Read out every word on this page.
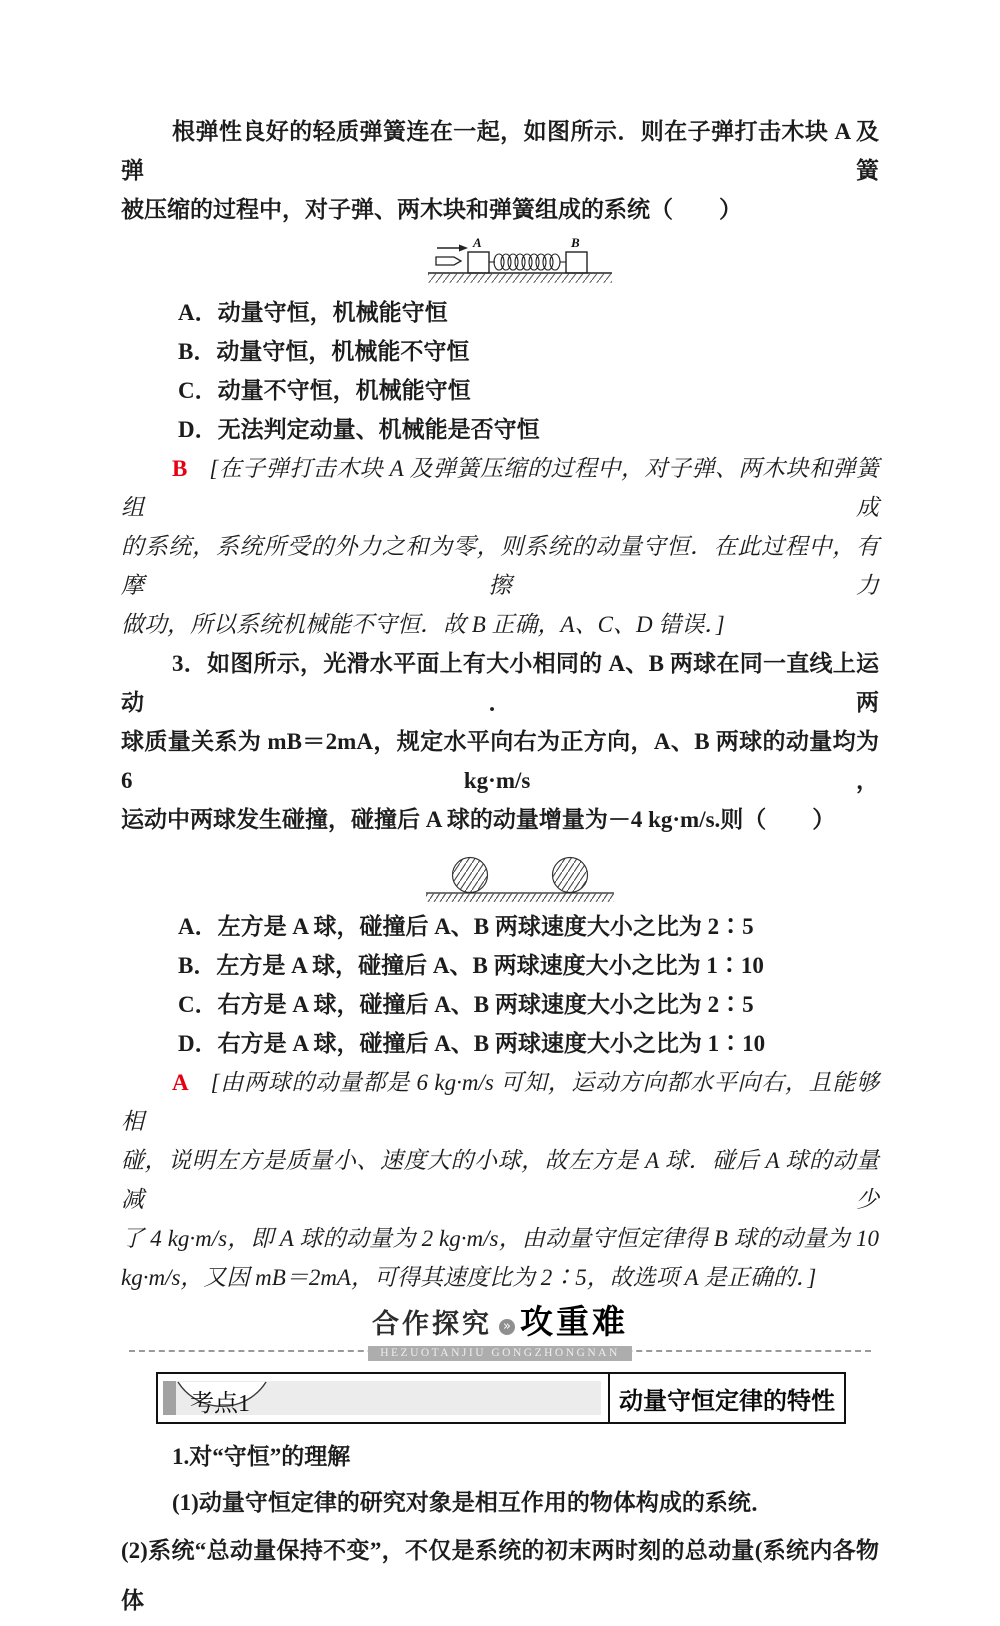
根弹性良好的轻质弹簧连在一起，如图所示．则在子弹打击木块 A 及弹簧
被压缩的过程中，对子弹、两木块和弹簧组成的系统（　　）
A	B
A．动量守恒，机械能守恒
B．动量守恒，机械能不守恒
C．动量不守恒，机械能守恒
D．无法判定动量、机械能是否守恒
B [在子弹打击木块 A 及弹簧压缩的过程中，对子弹、两木块和弹簧组成
的系统，系统所受的外力之和为零，则系统的动量守恒．在此过程中，有摩擦力
做功，所以系统机械能不守恒．故 B 正确，A、C、D 错误．]
3．如图所示，光滑水平面上有大小相同的 A、B 两球在同一直线上运动．两
球质量关系为 mB＝2mA，规定水平向右为正方向，A、B 两球的动量均为 6 kg·m/s，
运动中两球发生碰撞，碰撞后 A 球的动量增量为－4 kg·m/s.则（　　）
A．左方是 A 球，碰撞后 A、B 两球速度大小之比为 2∶5
B．左方是 A 球，碰撞后 A、B 两球速度大小之比为 1∶10
C．右方是 A 球，碰撞后 A、B 两球速度大小之比为 2∶5
D．右方是 A 球，碰撞后 A、B 两球速度大小之比为 1∶10
A [由两球的动量都是 6 kg·m/s 可知，运动方向都水平向右，且能够相
碰，说明左方是质量小、速度大的小球，故左方是 A 球．碰后 A 球的动量减少
了 4 kg·m/s，即 A 球的动量为 2 kg·m/s，由动量守恒定律得 B 球的动量为 10
kg·m/s，又因 mB＝2mA，可得其速度比为 2∶5，故选项 A 是正确的．]
合作探究 » 攻重难
HEZUOTANJIU GONGZHONGNAN
考点1	动量守恒定律的特性
1.对“守恒”的理解
(1)动量守恒定律的研究对象是相互作用的物体构成的系统．
(2)系统“总动量保持不变”，不仅是系统的初末两时刻的总动量(系统内各物体
